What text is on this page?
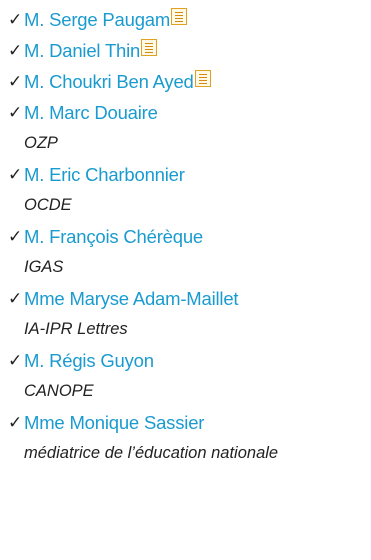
✓ M. Serge Paugam
✓ M. Daniel Thin
✓ M. Choukri Ben Ayed
✓ M. Marc Douaire
OZP
✓ M. Eric Charbonnier
OCDE
✓ M. François Chérèque
IGAS
✓ Mme Maryse Adam-Maillet
IA-IPR Lettres
✓ M. Régis Guyon
CANOPE
✓ Mme Monique Sassier
médiatrice de l’éducation nationale
